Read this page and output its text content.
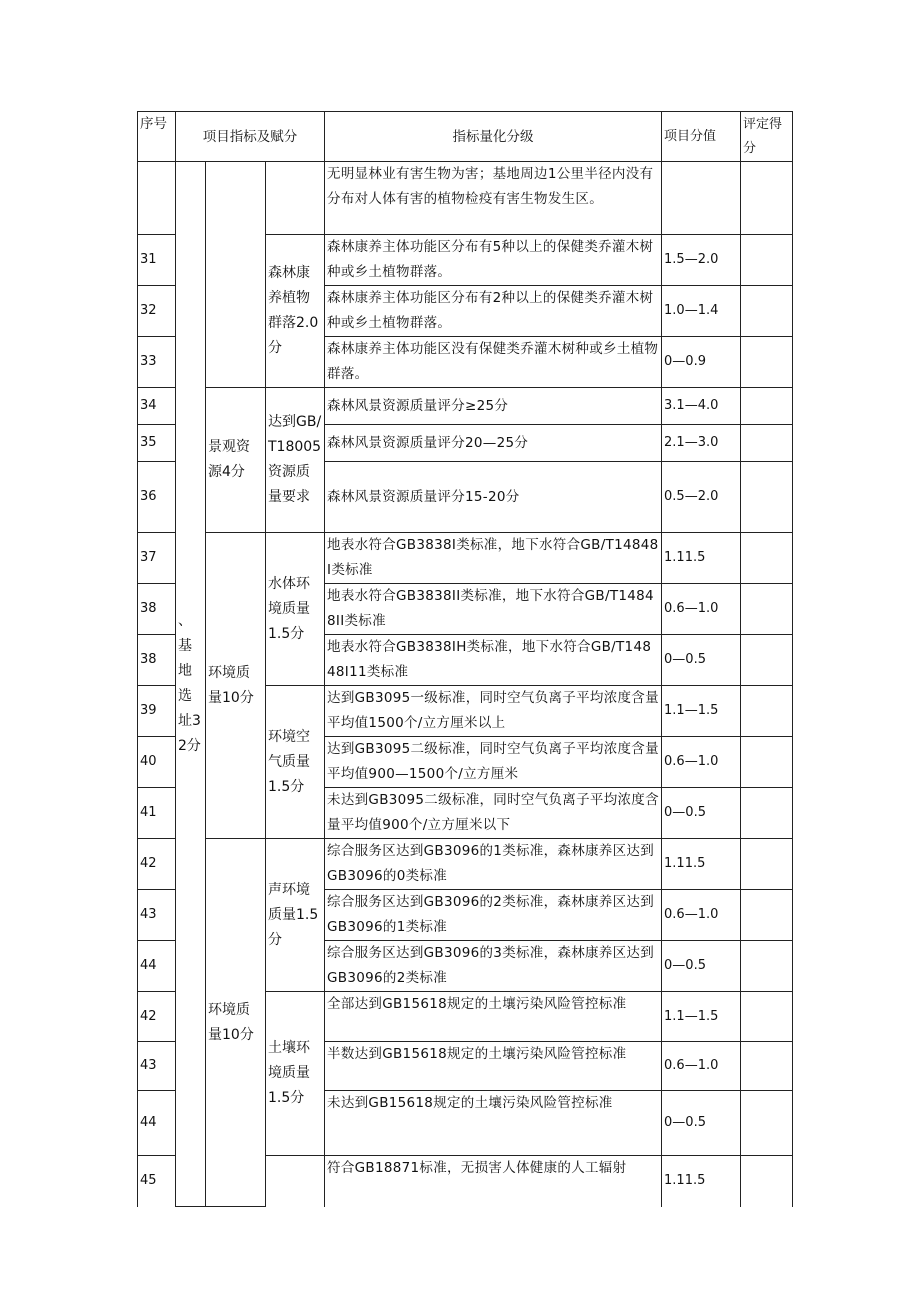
序号	项目指标及赋分			指标量化分级	项目分值	评定得分
	、基地选址3 2分			无明显林业有害生物为害；基地周边1公里半径内没有分布对人体有害的植物检疫有害生物发生区。		
31			森林康养植物群落2.0分	森林康养主体功能区分布有5种以上的保健类乔灌木树种或乡土植物群落。	1.5—2.0	
32				森林康养主体功能区分布有2种以上的保健类乔灌木树种或乡土植物群落。	1.0—1.4	
33				森林康养主体功能区没有保健类乔灌木树种或乡土植物群落。	0—0.9	
34		景观资源4分	达到GB/T18005资源质量要求	森林风景资源质量评分≥25分	3.1—4.0	
35				森林风景资源质量评分20—25分	2.1—3.0	
36				森林风景资源质量评分15-20分	0.5—2.0	
37		环境质量10分	水体环境质量1.5分	地表水符合GB3838I类标准，地下水符合GB/T14848I类标准	1.11.5	
38				地表水符合GB3838II类标准，地下水符合GB/T14848II类标准	0.6—1.0	
38				地表水符合GB3838IH类标准，地下水符合GB∕T14848I11类标准	0—0.5	
39			环境空气质量1.5分	达到GB3095一级标准，同时空气负离子平均浓度含量平均值1500个/立方厘米以上	1.1—1.5	
40				达到GB3095二级标准，同时空气负离子平均浓度含量平均值900—1500个/立方厘米	0.6—1.0	
41				未达到GB3095二级标准，同时空气负离子平均浓度含量平均值900个/立方厘米以下	0—0.5	
42		环境质量10分	声环境质量1.5分	综合服务区达到GB3096的1类标准，森林康养区达到GB3096的0类标准	1.11.5	
43				综合服务区达到GB3096的2类标准，森林康养区达到GB3096的1类标准	0.6—1.0	
44				综合服务区达到GB3096的3类标准，森林康养区达到GB3096的2类标准	0—0.5	
42			土壤环境质量1.5分	全部达到GB15618规定的土壤污染风险管控标准	1.1—1.5	
43				半数达到GB15618规定的土壤污染风险管控标准	0.6—1.0	
44				未达到GB15618规定的土壤污染风险管控标准	0—0.5	
45				符合GB18871标准，无损害人体健康的人工辐射	1.11.5	
